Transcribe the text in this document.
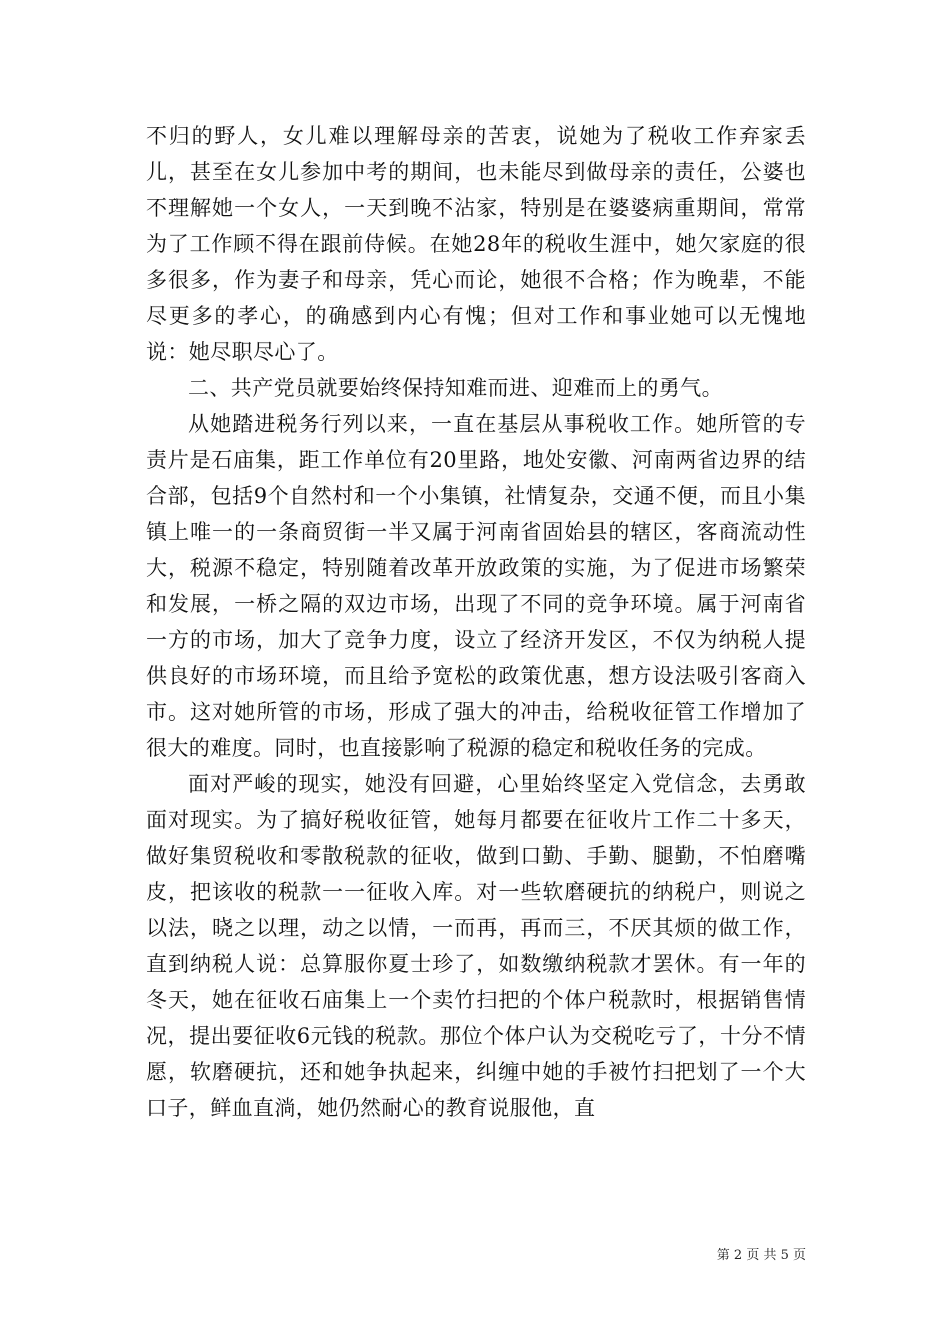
不归的野人，女儿难以理解母亲的苦衷，说她为了税收工作弃家丢儿，甚至在女儿参加中考的期间，也未能尽到做母亲的责任，公婆也不理解她一个女人，一天到晚不沾家，特别是在婆婆病重期间，常常为了工作顾不得在跟前侍候。在她28年的税收生涯中，她欠家庭的很多很多，作为妻子和母亲，凭心而论，她很不合格；作为晚辈，不能尽更多的孝心，的确感到内心有愧；但对工作和事业她可以无愧地说：她尽职尽心了。

二、共产党员就要始终保持知难而进、迎难而上的勇气。

从她踏进税务行列以来，一直在基层从事税收工作。她所管的专责片是石庙集，距工作单位有20里路，地处安徽、河南两省边界的结合部，包括9个自然村和一个小集镇，社情复杂，交通不便，而且小集镇上唯一的一条商贸街一半又属于河南省固始县的辖区，客商流动性大，税源不稳定，特别随着改革开放政策的实施，为了促进市场繁荣和发展，一桥之隔的双边市场，出现了不同的竞争环境。属于河南省一方的市场，加大了竞争力度，设立了经济开发区，不仅为纳税人提供良好的市场环境，而且给予宽松的政策优惠，想方设法吸引客商入市。这对她所管的市场，形成了强大的冲击，给税收征管工作增加了很大的难度。同时，也直接影响了税源的稳定和税收任务的完成。

面对严峻的现实，她没有回避，心里始终坚定入党信念，去勇敢面对现实。为了搞好税收征管，她每月都要在征收片工作二十多天，做好集贸税收和零散税款的征收，做到口勤、手勤、腿勤，不怕磨嘴皮，把该收的税款一一征收入库。对一些软磨硬抗的纳税户，则说之以法，晓之以理，动之以情，一而再，再而三，不厌其烦的做工作，直到纳税人说：总算服你夏士珍了，如数缴纳税款才罢休。有一年的冬天，她在征收石庙集上一个卖竹扫把的个体户税款时，根据销售情况，提出要征收6元钱的税款。那位个体户认为交税吃亏了，十分不情愿，软磨硬抗，还和她争执起来，纠缠中她的手被竹扫把划了一个大口子，鲜血直淌，她仍然耐心的教育说服他，直

第 2 页 共 5 页
